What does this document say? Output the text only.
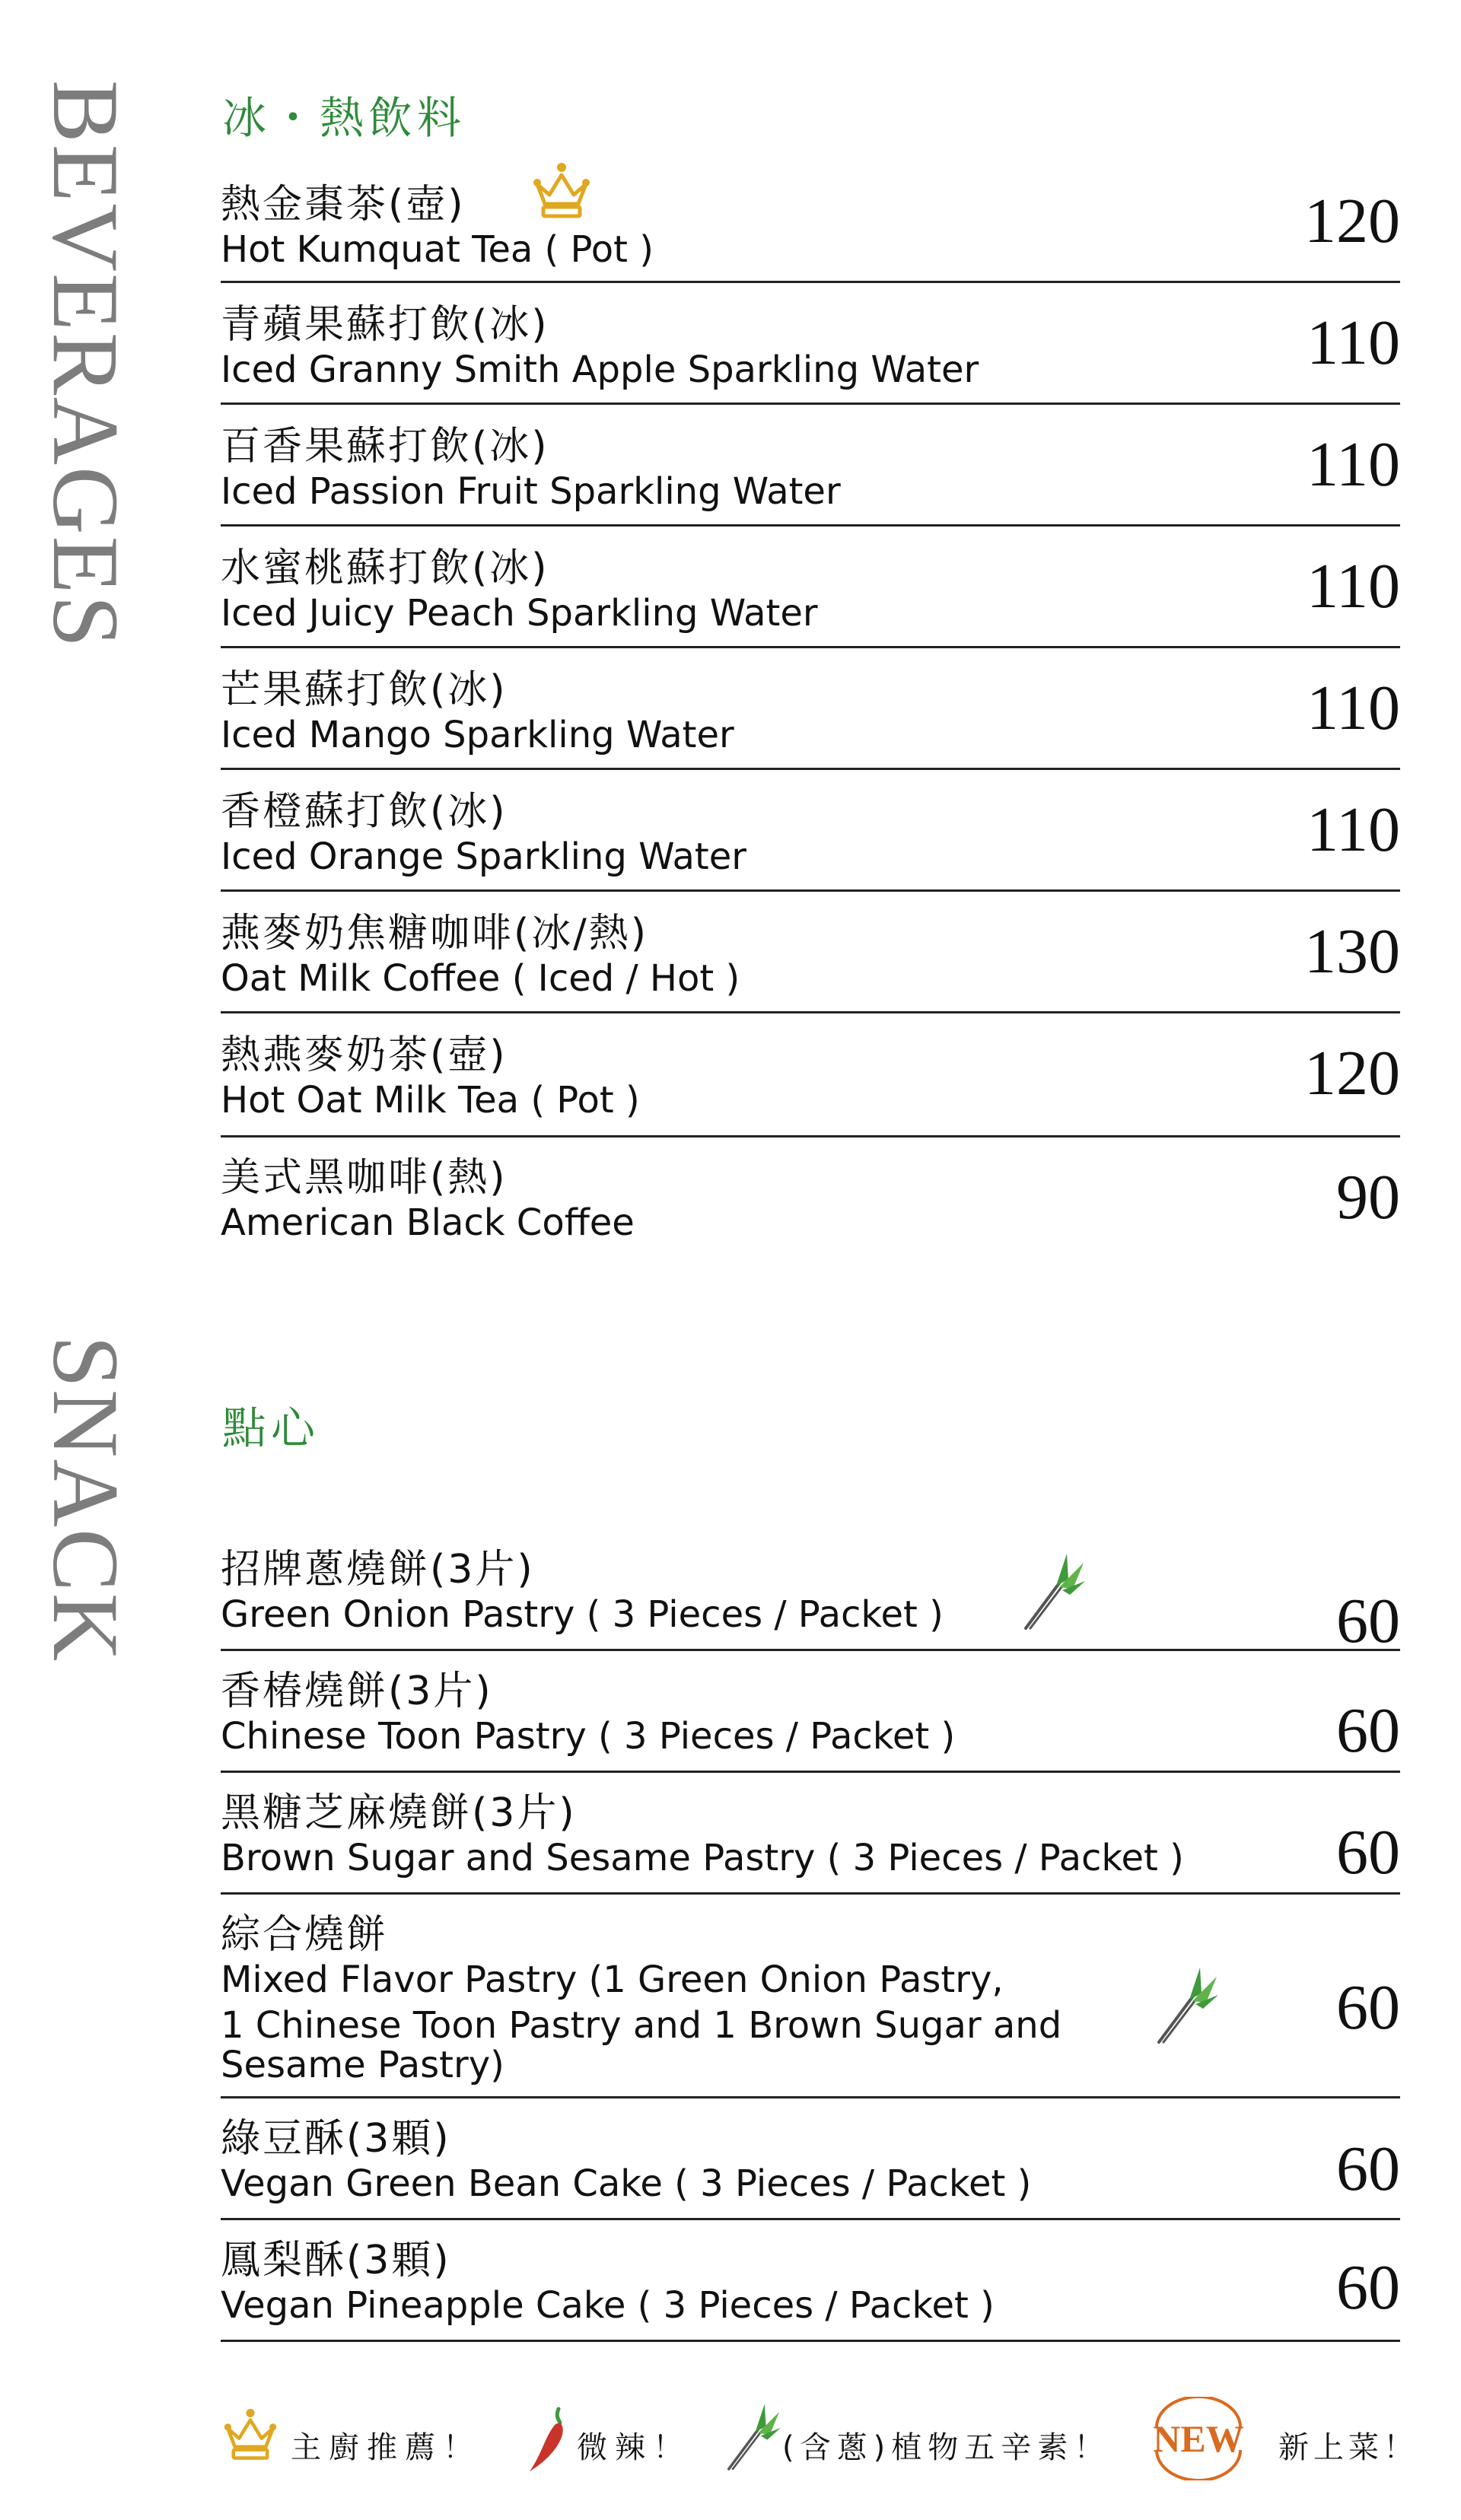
BEVERAGES
SNACK
冰・熱飲料
熱金棗茶(壺)
Hot Kumquat Tea ( Pot )	120
青蘋果蘇打飲(冰)
Iced Granny Smith Apple Sparkling Water	110
百香果蘇打飲(冰)
Iced Passion Fruit Sparkling Water	110
水蜜桃蘇打飲(冰)
Iced Juicy Peach Sparkling Water	110
芒果蘇打飲(冰)
Iced Mango Sparkling Water	110
香橙蘇打飲(冰)
Iced Orange Sparkling Water	110
燕麥奶焦糖咖啡(冰/熱)
Oat Milk Coffee ( Iced / Hot )	130
熱燕麥奶茶(壺)
Hot Oat Milk Tea ( Pot )	120
美式黑咖啡(熱)
American Black Coffee	90
點心
招牌蔥燒餅(3片)
Green Onion Pastry ( 3 Pieces / Packet )	60
香椿燒餅(3片)
Chinese Toon Pastry ( 3 Pieces / Packet )	60
黑糖芝麻燒餅(3片)
Brown Sugar and Sesame Pastry ( 3 Pieces / Packet ) 60
綜合燒餅
Mixed Flavor Pastry (1 Green Onion Pastry,
1 Chinese Toon Pastry and 1 Brown Sugar and
Sesame Pastry)
60
綠豆酥(3顆)
Vegan Green Bean Cake ( 3 Pieces / Packet )	60
鳳梨酥(3顆)
Vegan Pineapple Cake ( 3 Pieces / Packet )	60
主廚推薦！	微辣！	(含蔥)植物五辛素！ NEW 新上菜！
